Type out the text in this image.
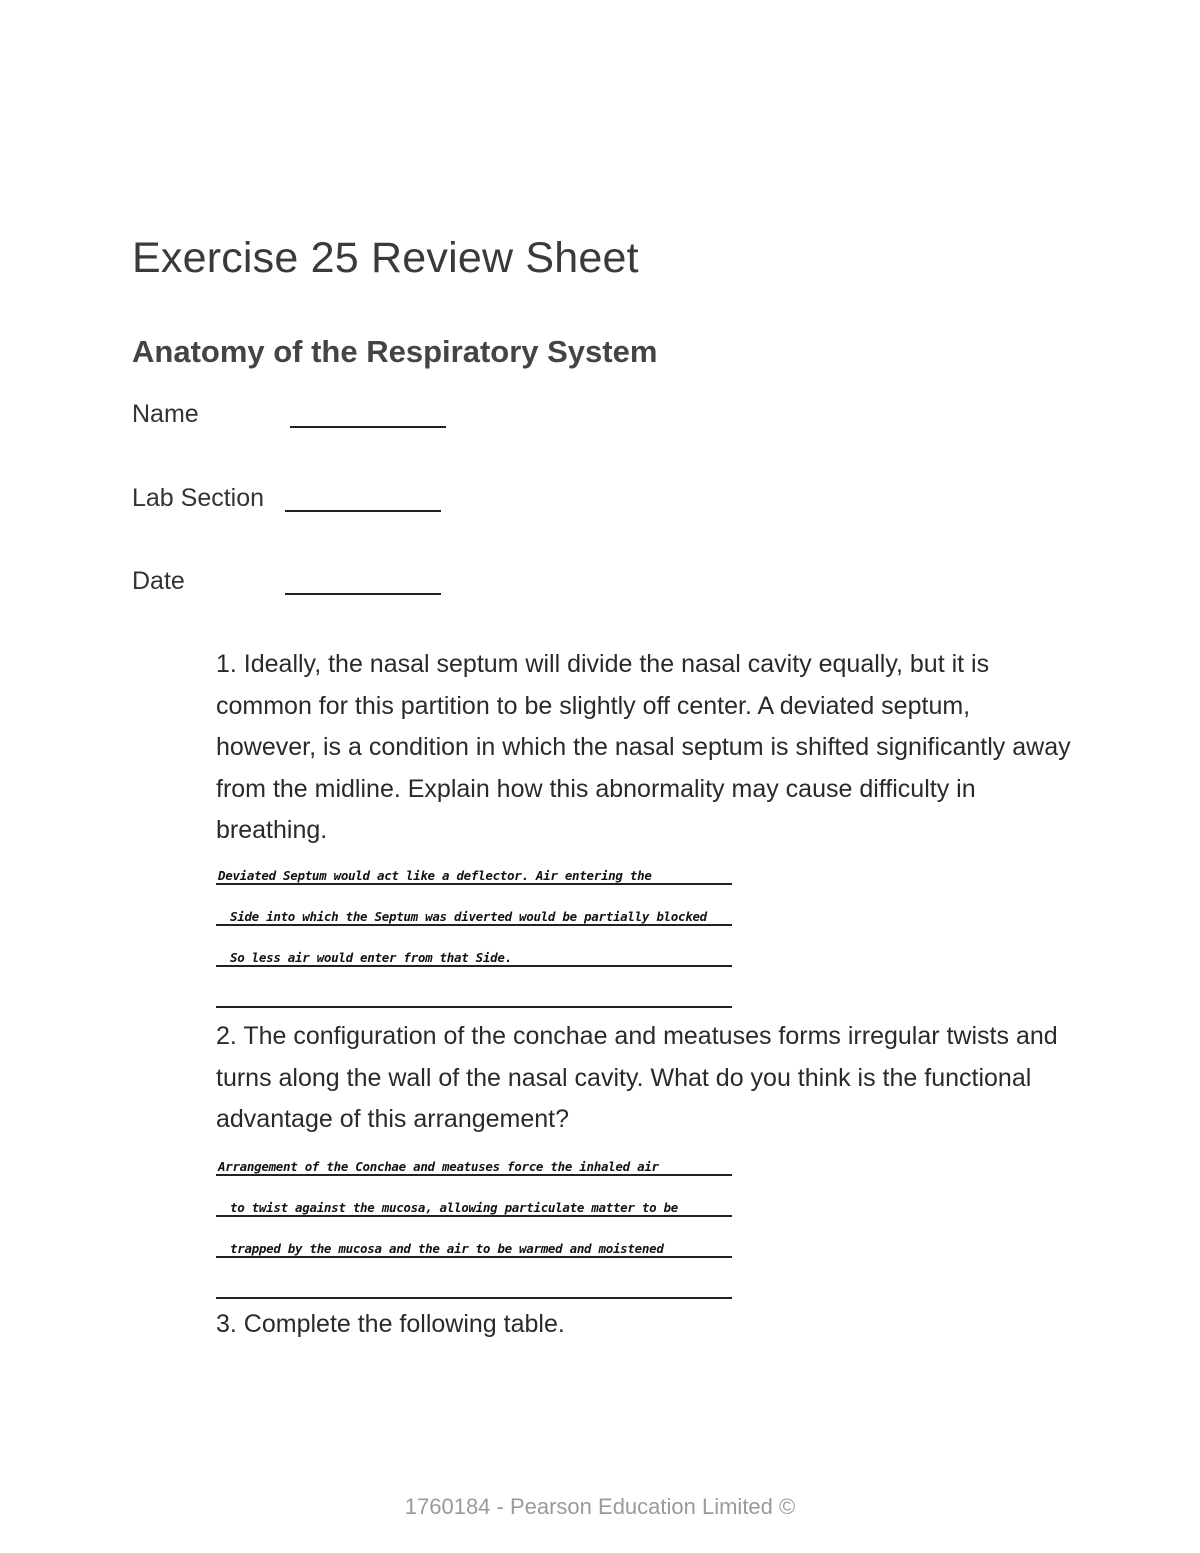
Exercise 25 Review Sheet
Anatomy of the Respiratory System
Name
Lab Section
Date
1. Ideally, the nasal septum will divide the nasal cavity equally, but it is common for this partition to be slightly off center. A deviated septum, however, is a condition in which the nasal septum is shifted significantly away from the midline. Explain how this abnormality may cause difficulty in breathing.
Deviated Septum would act like a deflector. Air entering the
Side into which the Septum was diverted would be partially blocked
So less air would enter from that Side.
2. The configuration of the conchae and meatuses forms irregular twists and turns along the wall of the nasal cavity. What do you think is the functional advantage of this arrangement?
Arrangement of the Conchae and meatuses force the inhaled air
to twist against the mucosa, allowing particulate matter to be
trapped by the mucosa and the air to be warmed and moistened
3. Complete the following table.
1760184 - Pearson Education Limited ©
